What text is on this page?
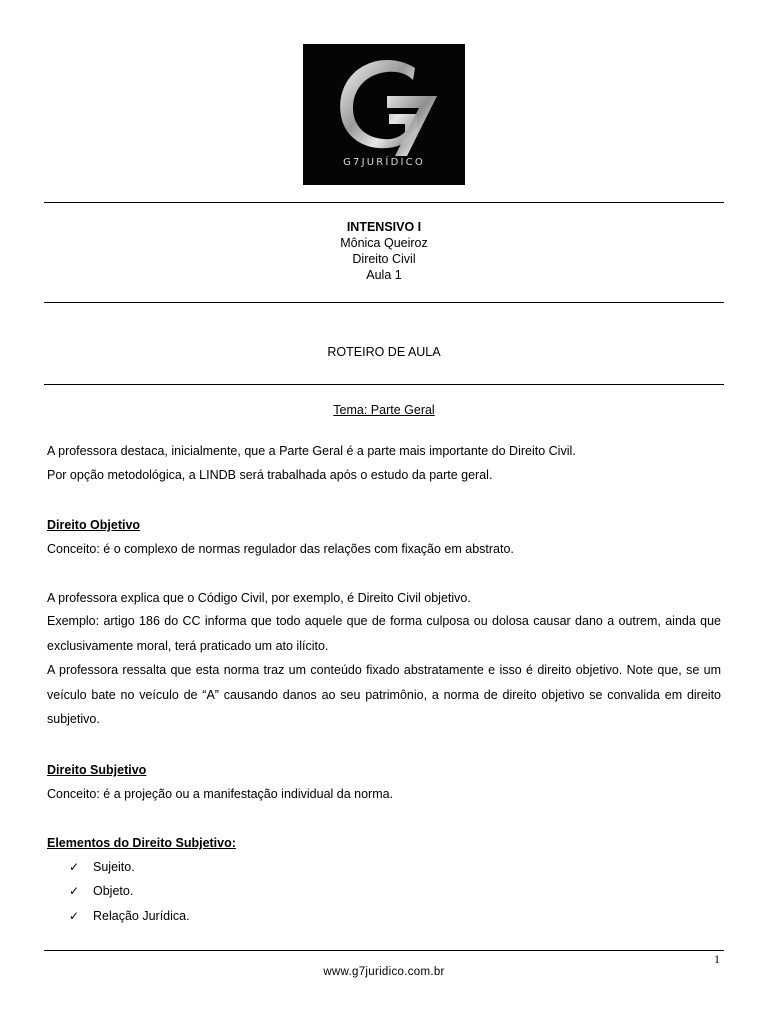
G7JURÍDICO
INTENSIVO I
Mônica Queiroz
Direito Civil
Aula 1
ROTEIRO DE AULA
Tema: Parte Geral
A professora destaca, inicialmente, que a Parte Geral é a parte mais importante do Direito Civil.
Por opção metodológica, a LINDB será trabalhada após o estudo da parte geral.
Direito Objetivo
Conceito: é o complexo de normas regulador das relações com fixação em abstrato.
A professora explica que o Código Civil, por exemplo, é Direito Civil objetivo.
Exemplo: artigo 186 do CC informa que todo aquele que de forma culposa ou dolosa causar dano a outrem, ainda que exclusivamente moral, terá praticado um ato ilícito.
A professora ressalta que esta norma traz um conteúdo fixado abstratamente e isso é direito objetivo. Note que, se um veículo bate no veículo de “A” causando danos ao seu patrimônio, a norma de direito objetivo se convalida em direito subjetivo.
Direito Subjetivo
Conceito: é a projeção ou a manifestação individual da norma.
Elementos do Direito Subjetivo:
✓ Sujeito.
✓ Objeto.
✓ Relação Jurídica.
1
www.g7juridico.com.br
